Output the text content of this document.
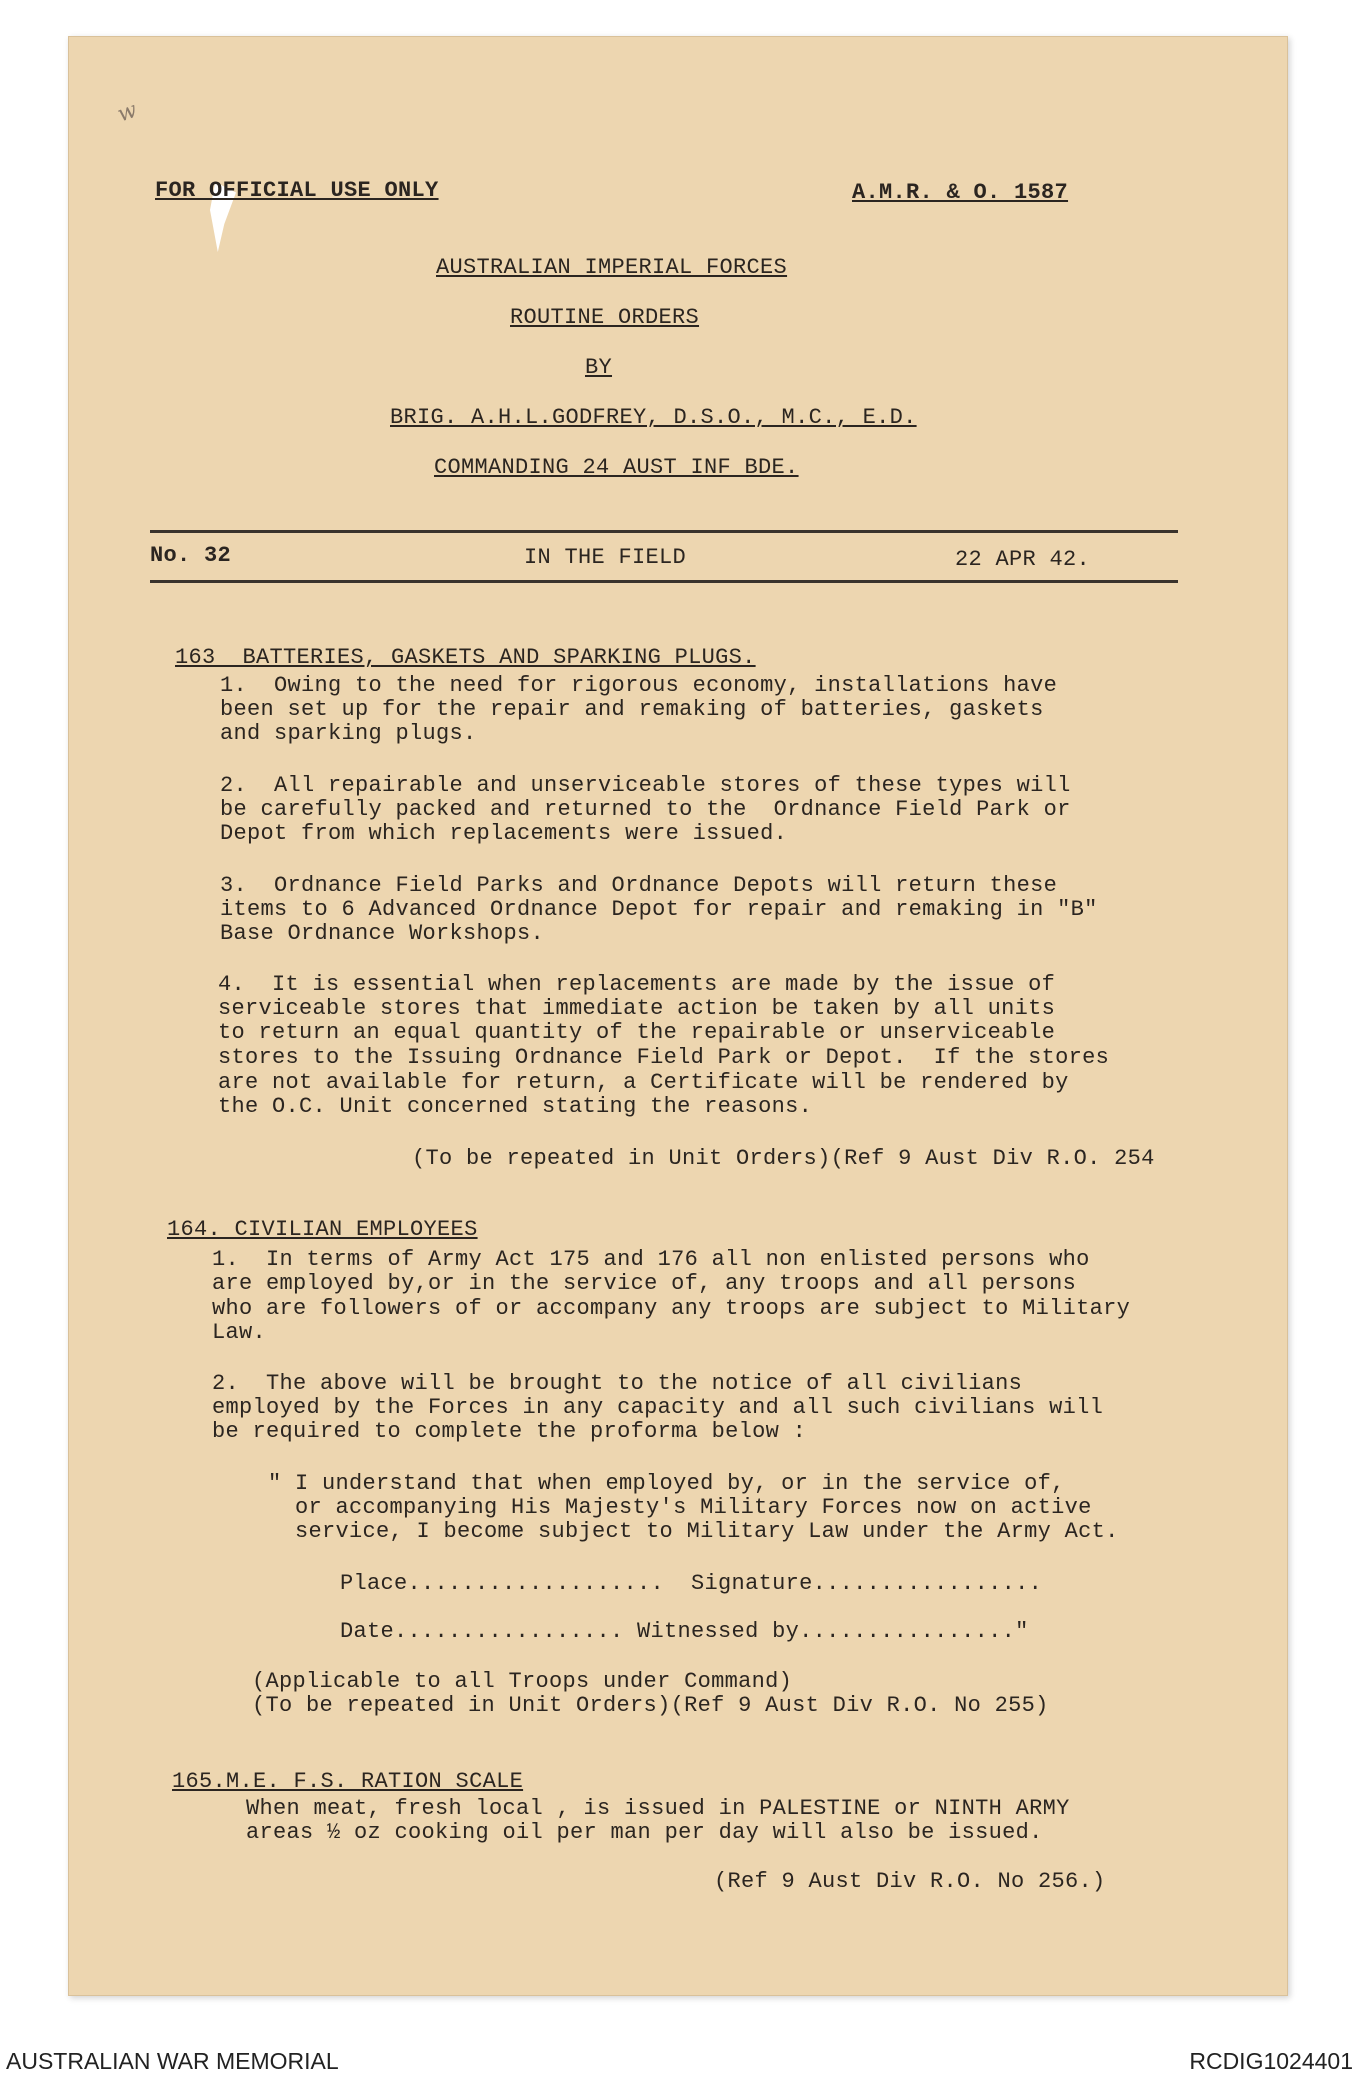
w
FOR OFFICIAL USE ONLY	A.M.R. & O. 1587
AUSTRALIAN IMPERIAL FORCES
ROUTINE ORDERS
BY
BRIG. A.H.L.GODFREY, D.S.O., M.C., E.D.
COMMANDING 24 AUST INF BDE.
No. 32	IN THE FIELD	22 APR 42.

163  BATTERIES, GASKETS AND SPARKING PLUGS.

1.  Owing to the need for rigorous economy, installations have
been set up for the repair and remaking of batteries, gaskets
and sparking plugs.
2.  All repairable and unserviceable stores of these types will
be carefully packed and returned to the  Ordnance Field Park or
Depot from which replacements were issued.
3.  Ordnance Field Parks and Ordnance Depots will return these
items to 6 Advanced Ordnance Depot for repair and remaking in "B"
Base Ordnance Workshops.
4.  It is essential when replacements are made by the issue of
serviceable stores that immediate action be taken by all units
to return an equal quantity of the repairable or unserviceable
stores to the Issuing Ordnance Field Park or Depot.  If the stores
are not available for return, a Certificate will be rendered by
the O.C. Unit concerned stating the reasons.
(To be repeated in Unit Orders)(Ref 9 Aust Div R.O. 254

164. CIVILIAN EMPLOYEES

1.  In terms of Army Act 175 and 176 all non enlisted persons who
are employed by,or in the service of, any troops and all persons
who are followers of or accompany any troops are subject to Military
Law.
2.  The above will be brought to the notice of all civilians
employed by the Forces in any capacity and all such civilians will
be required to complete the proforma below :
" I understand that when employed by, or in the service of,
or accompanying His Majesty's Military Forces now on active
service, I become subject to Military Law under the Army Act.
Place...................  Signature.................
Date................. Witnessed by................"
(Applicable to all Troops under Command)
(To be repeated in Unit Orders)(Ref 9 Aust Div R.O. No 255)

165.M.E. F.S. RATION SCALE

When meat, fresh local , is issued in PALESTINE or NINTH ARMY
areas ½ oz cooking oil per man per day will also be issued.
(Ref 9 Aust Div R.O. No 256.)
AUSTRALIAN WAR MEMORIAL	RCDIG1024401
